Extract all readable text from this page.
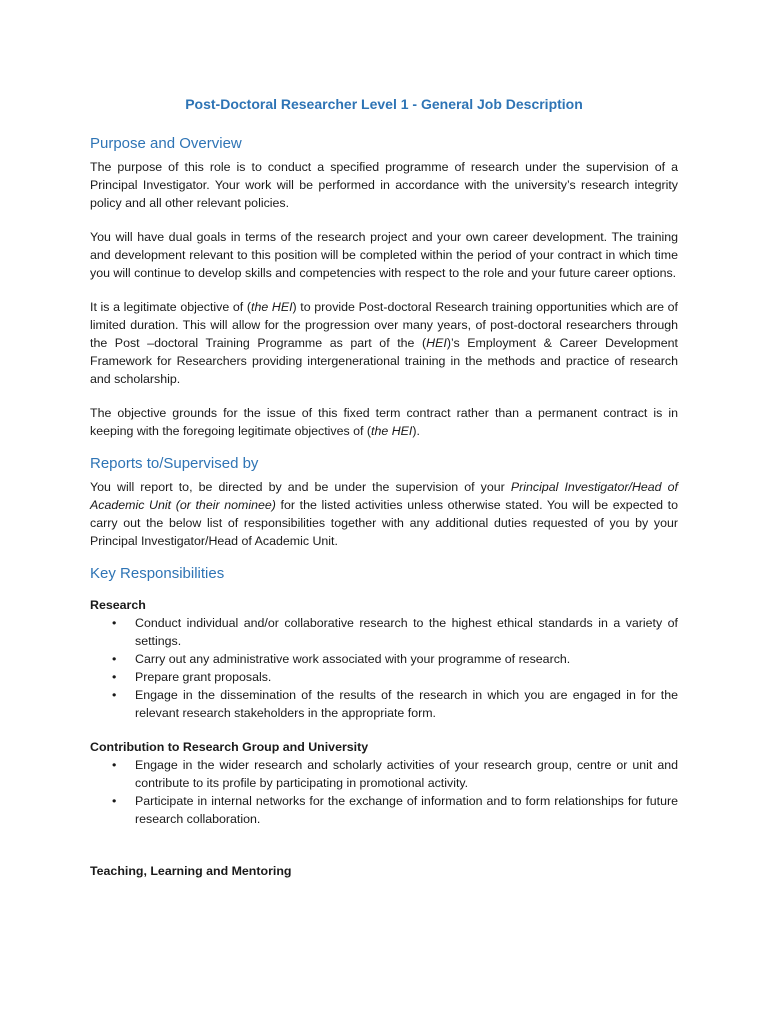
Post-Doctoral Researcher Level 1 - General Job Description
Purpose and Overview

The purpose of this role is to conduct a specified programme of research under the supervision of a Principal Investigator. Your work will be performed in accordance with the university’s research integrity policy and all other relevant policies.

You will have dual goals in terms of the research project and your own career development. The training and development relevant to this position will be completed within the period of your contract in which time you will continue to develop skills and competencies with respect to the role and your future career options.

It is a legitimate objective of (the HEI) to provide Post-doctoral Research training opportunities which are of limited duration. This will allow for the progression over many years, of post-doctoral researchers through the Post –doctoral Training Programme as part of the (HEI)’s Employment & Career Development Framework for Researchers providing intergenerational training in the methods and practice of research and scholarship.

The objective grounds for the issue of this fixed term contract rather than a permanent contract is in keeping with the foregoing legitimate objectives of (the HEI).

Reports to/Supervised by

You will report to, be directed by and be under the supervision of your Principal Investigator/Head of Academic Unit (or their nominee) for the listed activities unless otherwise stated. You will be expected to carry out the below list of responsibilities together with any additional duties requested of you by your Principal Investigator/Head of Academic Unit.

Key Responsibilities

Research

• Conduct individual and/or collaborative research to the highest ethical standards in a variety of settings.
• Carry out any administrative work associated with your programme of research.
• Prepare grant proposals.
• Engage in the dissemination of the results of the research in which you are engaged in for the relevant research stakeholders in the appropriate form.

Contribution to Research Group and University

• Engage in the wider research and scholarly activities of your research group, centre or unit and contribute to its profile by participating in promotional activity.
• Participate in internal networks for the exchange of information and to form relationships for future research collaboration.

Teaching, Learning and Mentoring
